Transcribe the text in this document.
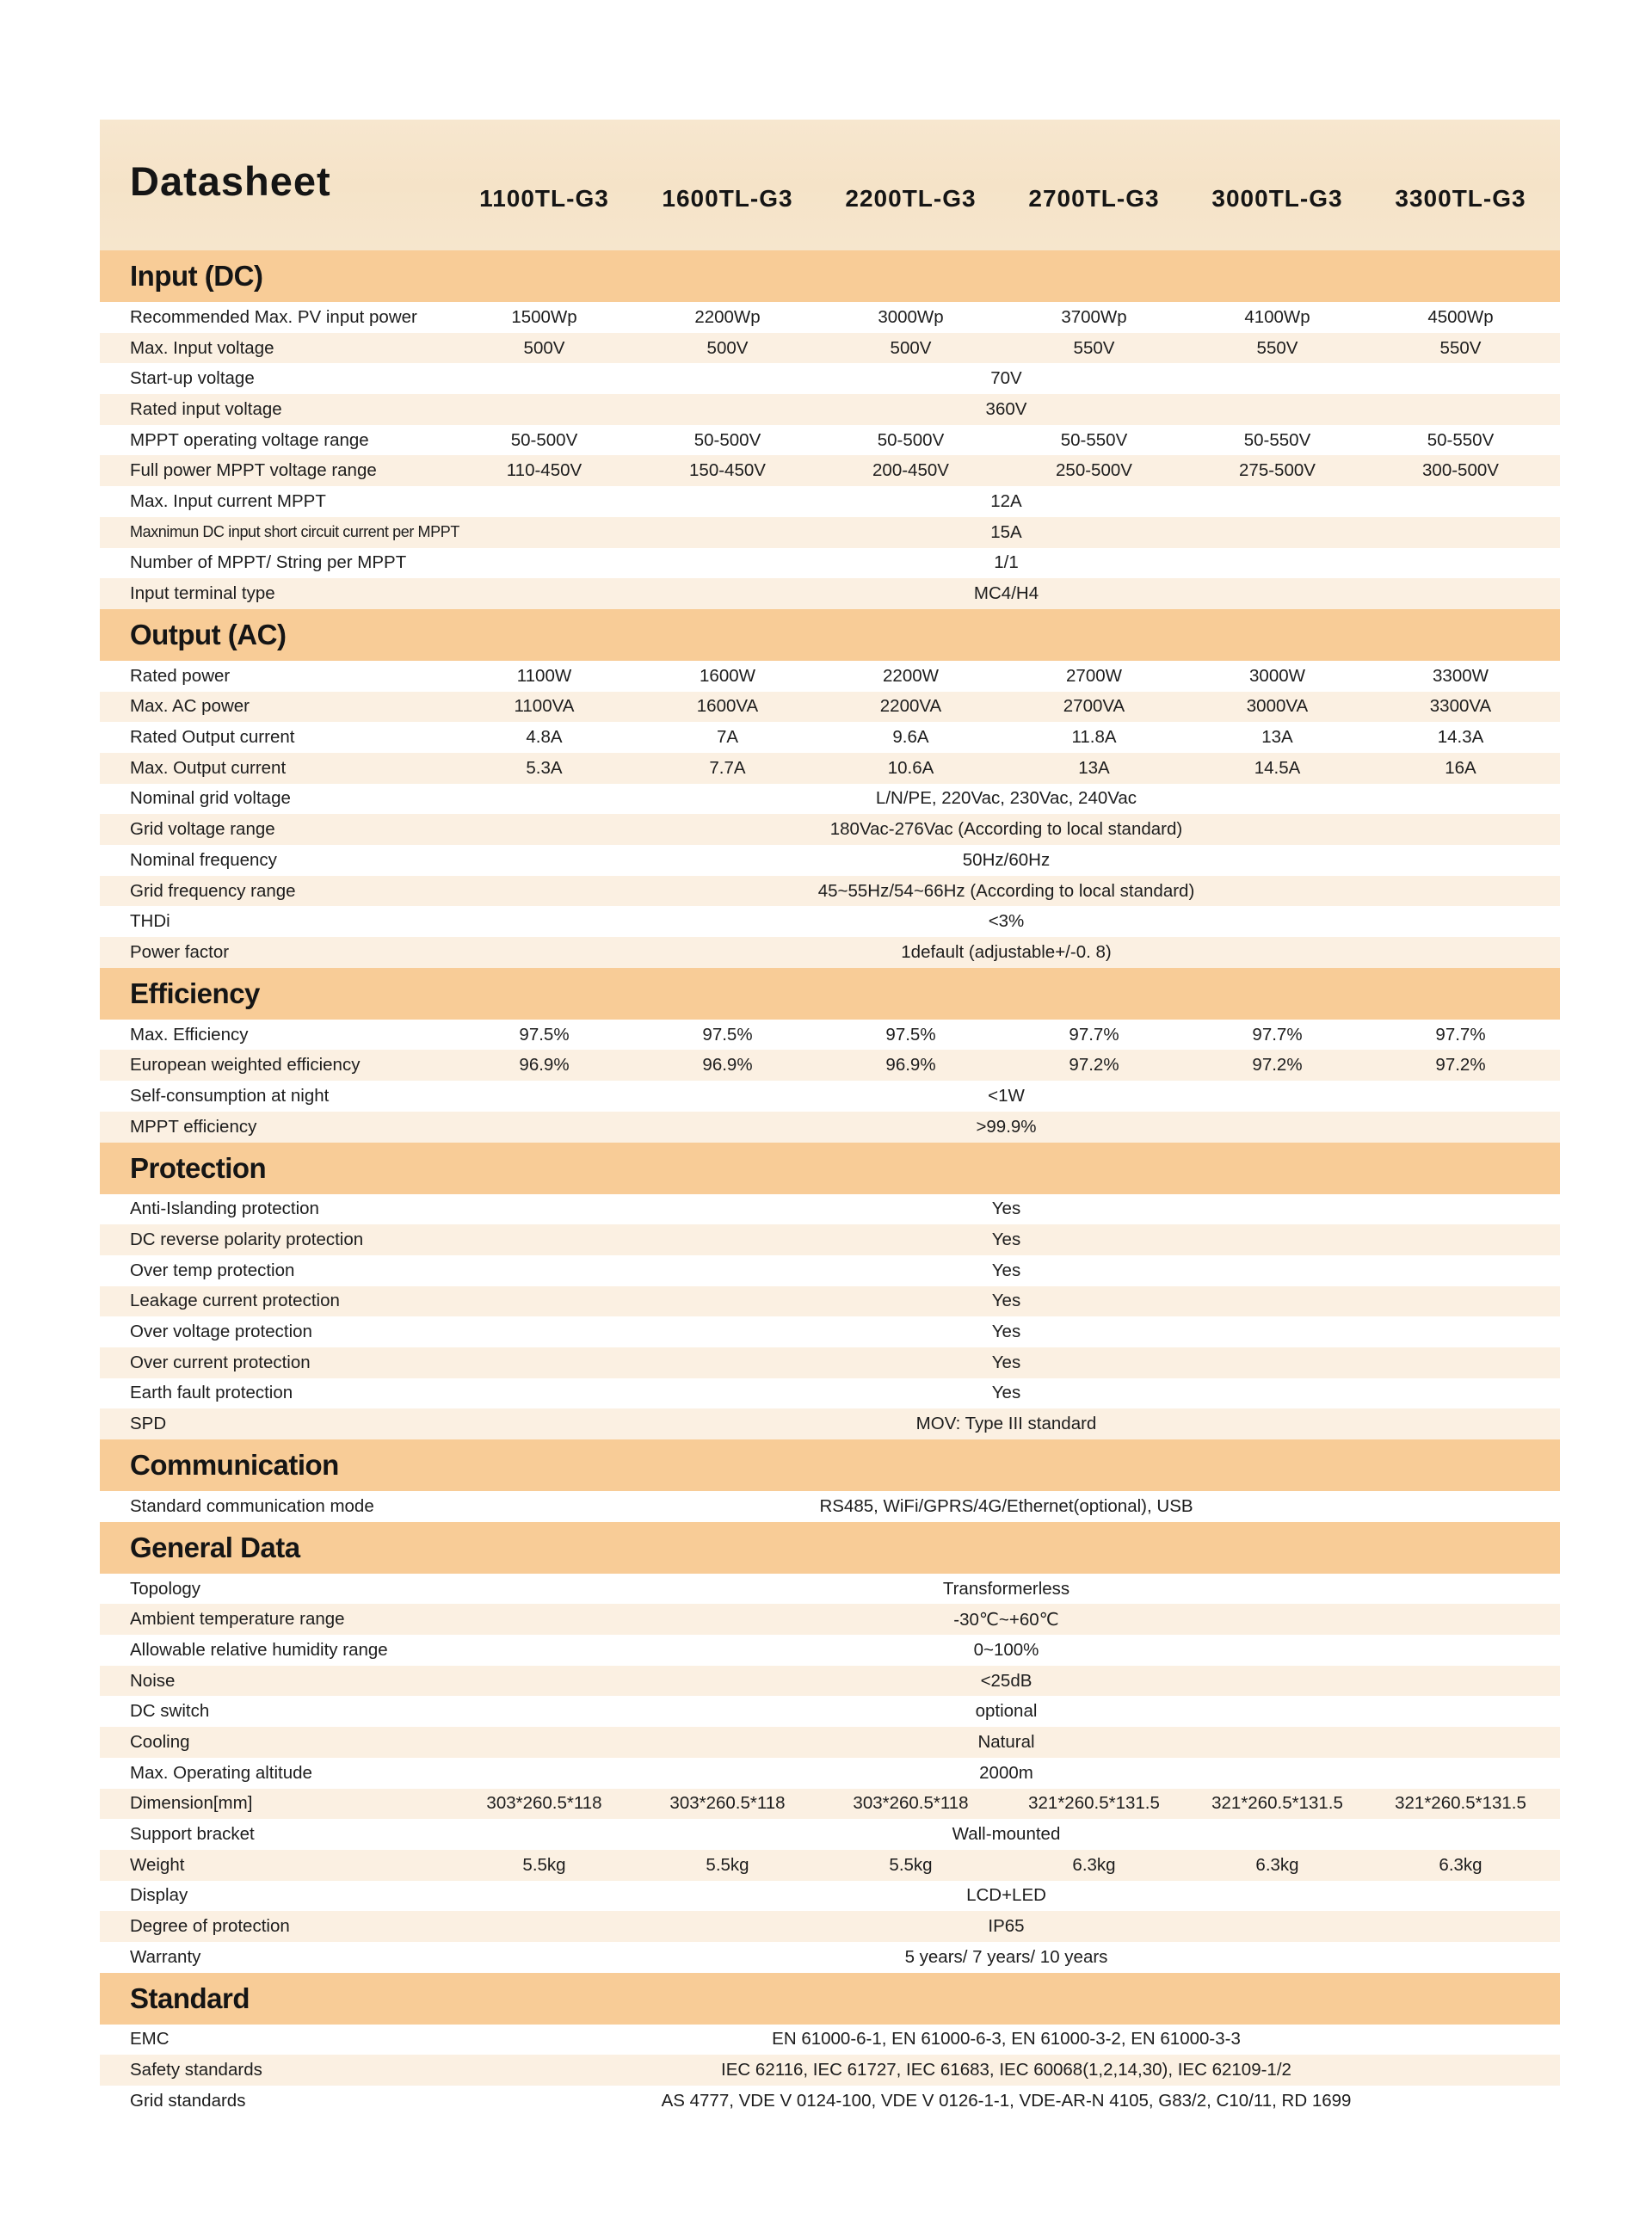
Datasheet	1100TL-G3	1600TL-G3	2200TL-G3	2700TL-G3	3000TL-G3	3300TL-G3
Input (DC)
Recommended Max. PV input power	1500Wp	2200Wp	3000Wp	3700Wp	4100Wp	4500Wp
Max. Input voltage	500V	500V	500V	550V	550V	550V
Start-up voltage	70V
Rated input voltage	360V
MPPT operating voltage range	50-500V	50-500V	50-500V	50-550V	50-550V	50-550V
Full power MPPT voltage range	110-450V	150-450V	200-450V	250-500V	275-500V	300-500V
Max. Input current MPPT	12A
Maxnimun DC input short circuit current per MPPT	15A
Number of MPPT/ String per MPPT	1/1
Input terminal type	MC4/H4
Output (AC)
Rated power	1100W	1600W	2200W	2700W	3000W	3300W
Max. AC power	1100VA	1600VA	2200VA	2700VA	3000VA	3300VA
Rated Output current	4.8A	7A	9.6A	11.8A	13A	14.3A
Max. Output current	5.3A	7.7A	10.6A	13A	14.5A	16A
Nominal grid voltage	L/N/PE, 220Vac, 230Vac, 240Vac
Grid voltage range	180Vac-276Vac (According to local standard)
Nominal frequency	50Hz/60Hz
Grid frequency range	45~55Hz/54~66Hz (According to local standard)
THDi	<3%
Power factor	1default (adjustable+/-0. 8)
Efficiency
Max. Efficiency	97.5%	97.5%	97.5%	97.7%	97.7%	97.7%
European weighted efficiency	96.9%	96.9%	96.9%	97.2%	97.2%	97.2%
Self-consumption at night	<1W
MPPT efficiency	>99.9%
Protection
Anti-Islanding protection	Yes
DC reverse polarity protection	Yes
Over temp protection	Yes
Leakage current protection	Yes
Over voltage protection	Yes
Over current protection	Yes
Earth fault protection	Yes
SPD	MOV: Type III standard
Communication
Standard communication mode	RS485, WiFi/GPRS/4G/Ethernet(optional), USB
General Data
Topology	Transformerless
Ambient temperature range	-30℃~+60℃
Allowable relative humidity range	0~100%
Noise	<25dB
DC switch	optional
Cooling	Natural
Max. Operating altitude	2000m
Dimension[mm]	303*260.5*118	303*260.5*118	303*260.5*118	321*260.5*131.5	321*260.5*131.5	321*260.5*131.5
Support bracket	Wall-mounted
Weight	5.5kg	5.5kg	5.5kg	6.3kg	6.3kg	6.3kg
Display	LCD+LED
Degree of protection	IP65
Warranty	5 years/ 7 years/ 10 years
Standard
EMC	EN 61000-6-1, EN 61000-6-3, EN 61000-3-2, EN 61000-3-3
Safety standards	IEC 62116, IEC 61727, IEC 61683, IEC 60068(1,2,14,30), IEC 62109-1/2
Grid standards	AS 4777, VDE V 0124-100, VDE V 0126-1-1, VDE-AR-N 4105, G83/2, C10/11, RD 1699
